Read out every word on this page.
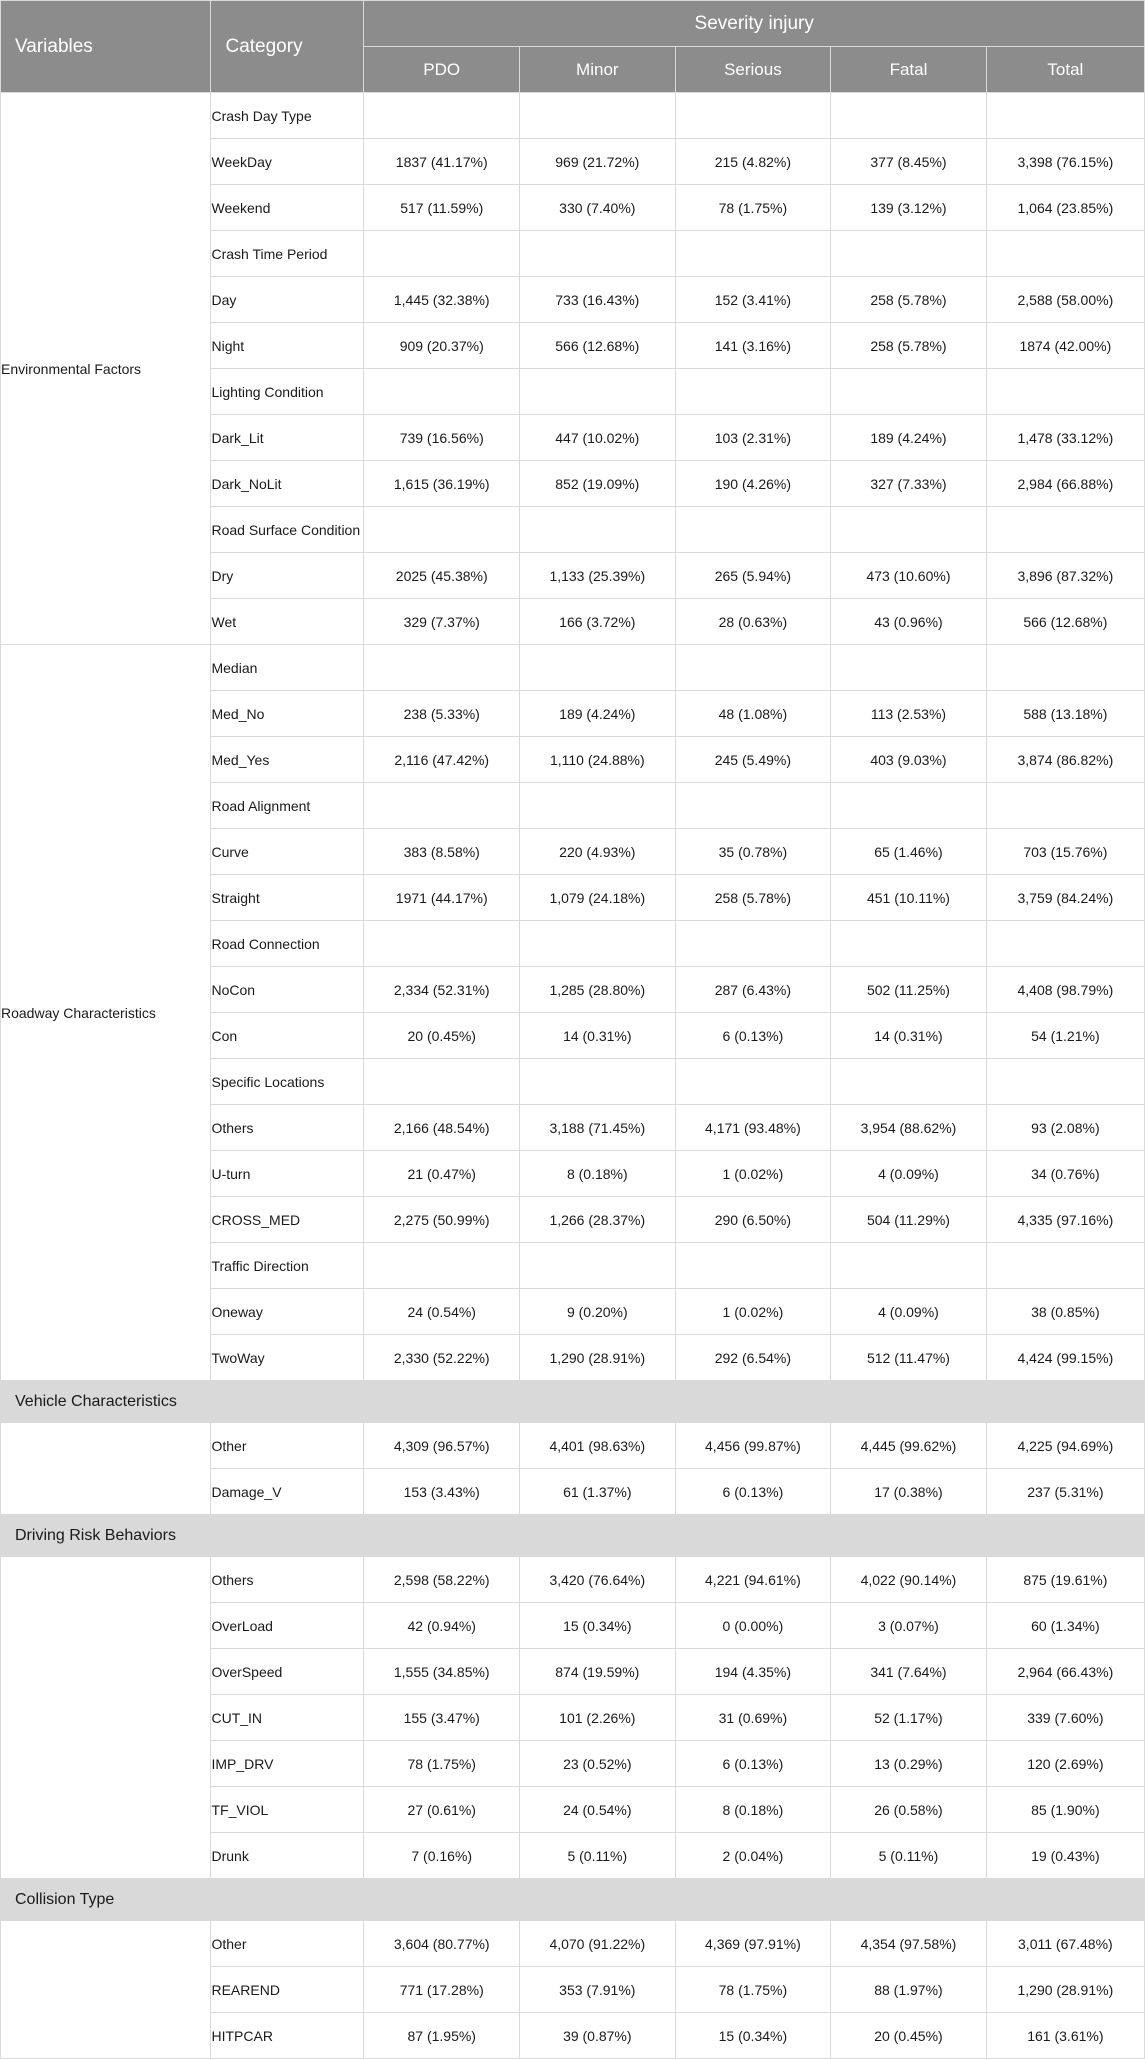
Variables	Category	Severity injury				
		PDO	Minor	Serious	Fatal	Total
Environmental Factors	Crash Day Type					
	WeekDay	1837 (41.17%)	969 (21.72%)	215 (4.82%)	377 (8.45%)	3,398 (76.15%)
	Weekend	517 (11.59%)	330 (7.40%)	78 (1.75%)	139 (3.12%)	1,064 (23.85%)
	Crash Time Period					
	Day	1,445 (32.38%)	733 (16.43%)	152 (3.41%)	258 (5.78%)	2,588 (58.00%)
	Night	909 (20.37%)	566 (12.68%)	141 (3.16%)	258 (5.78%)	1874 (42.00%)
	Lighting Condition					
	Dark_Lit	739 (16.56%)	447 (10.02%)	103 (2.31%)	189 (4.24%)	1,478 (33.12%)
	Dark_NoLit	1,615 (36.19%)	852 (19.09%)	190 (4.26%)	327 (7.33%)	2,984 (66.88%)
	Road Surface Condition					
	Dry	2025 (45.38%)	1,133 (25.39%)	265 (5.94%)	473 (10.60%)	3,896 (87.32%)
	Wet	329 (7.37%)	166 (3.72%)	28 (0.63%)	43 (0.96%)	566 (12.68%)
Roadway Characteristics	Median					
	Med_No	238 (5.33%)	189 (4.24%)	48 (1.08%)	113 (2.53%)	588 (13.18%)
	Med_Yes	2,116 (47.42%)	1,110 (24.88%)	245 (5.49%)	403 (9.03%)	3,874 (86.82%)
	Road Alignment					
	Curve	383 (8.58%)	220 (4.93%)	35 (0.78%)	65 (1.46%)	703 (15.76%)
	Straight	1971 (44.17%)	1,079 (24.18%)	258 (5.78%)	451 (10.11%)	3,759 (84.24%)
	Road Connection					
	NoCon	2,334 (52.31%)	1,285 (28.80%)	287 (6.43%)	502 (11.25%)	4,408 (98.79%)
	Con	20 (0.45%)	14 (0.31%)	6 (0.13%)	14 (0.31%)	54 (1.21%)
	Specific Locations					
	Others	2,166 (48.54%)	3,188 (71.45%)	4,171 (93.48%)	3,954 (88.62%)	93 (2.08%)
	U-turn	21 (0.47%)	8 (0.18%)	1 (0.02%)	4 (0.09%)	34 (0.76%)
	CROSS_MED	2,275 (50.99%)	1,266 (28.37%)	290 (6.50%)	504 (11.29%)	4,335 (97.16%)
	Traffic Direction					
	Oneway	24 (0.54%)	9 (0.20%)	1 (0.02%)	4 (0.09%)	38 (0.85%)
	TwoWay	2,330 (52.22%)	1,290 (28.91%)	292 (6.54%)	512 (11.47%)	4,424 (99.15%)
Vehicle Characteristics						
	Other	4,309 (96.57%)	4,401 (98.63%)	4,456 (99.87%)	4,445 (99.62%)	4,225 (94.69%)
	Damage_V	153 (3.43%)	61 (1.37%)	6 (0.13%)	17 (0.38%)	237 (5.31%)
Driving Risk Behaviors						
	Others	2,598 (58.22%)	3,420 (76.64%)	4,221 (94.61%)	4,022 (90.14%)	875 (19.61%)
	OverLoad	42 (0.94%)	15 (0.34%)	0 (0.00%)	3 (0.07%)	60 (1.34%)
	OverSpeed	1,555 (34.85%)	874 (19.59%)	194 (4.35%)	341 (7.64%)	2,964 (66.43%)
	CUT_IN	155 (3.47%)	101 (2.26%)	31 (0.69%)	52 (1.17%)	339 (7.60%)
	IMP_DRV	78 (1.75%)	23 (0.52%)	6 (0.13%)	13 (0.29%)	120 (2.69%)
	TF_VIOL	27 (0.61%)	24 (0.54%)	8 (0.18%)	26 (0.58%)	85 (1.90%)
	Drunk	7 (0.16%)	5 (0.11%)	2 (0.04%)	5 (0.11%)	19 (0.43%)
Collision Type						
	Other	3,604 (80.77%)	4,070 (91.22%)	4,369 (97.91%)	4,354 (97.58%)	3,011 (67.48%)
	REAREND	771 (17.28%)	353 (7.91%)	78 (1.75%)	88 (1.97%)	1,290 (28.91%)
	HITPCAR	87 (1.95%)	39 (0.87%)	15 (0.34%)	20 (0.45%)	161 (3.61%)
